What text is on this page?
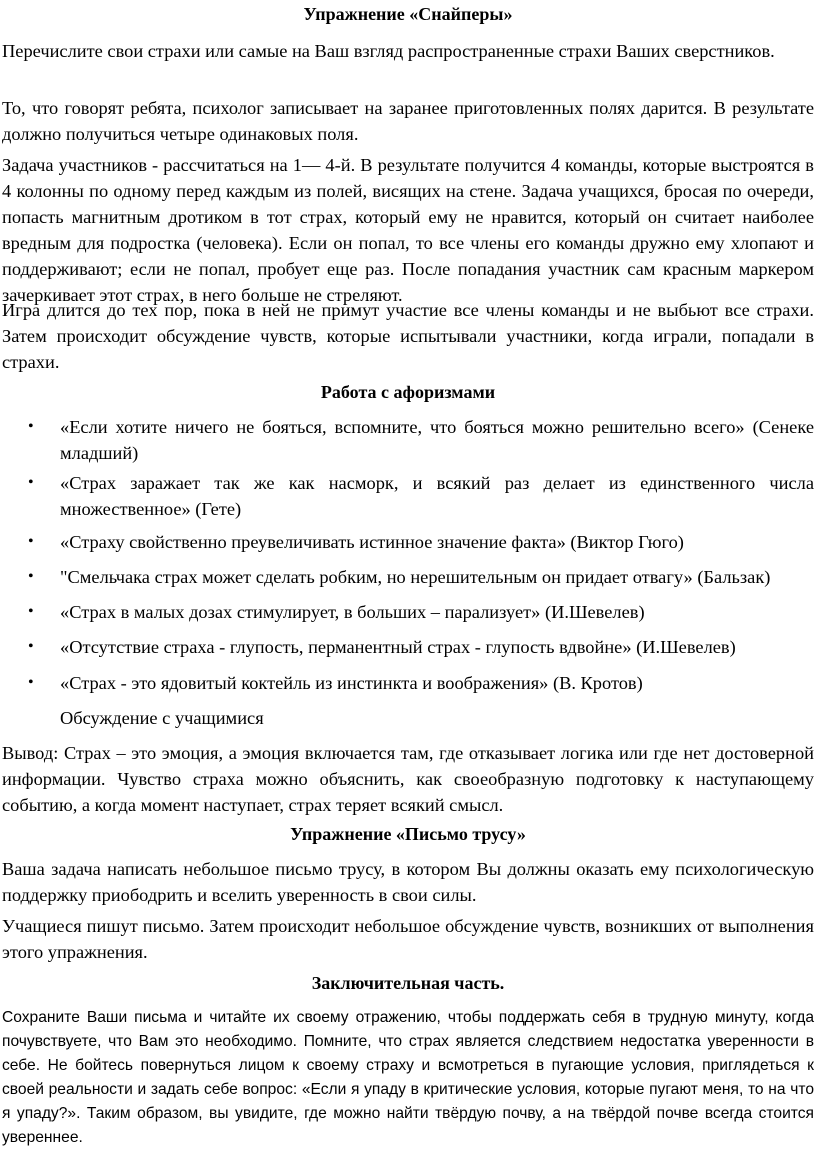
Упражнение «Снайперы»

Перечислите свои страхи или самые на Ваш взгляд распространенные страхи Ваших сверстников.

То, что говорят ребята, психолог записывает на заранее приготовленных полях дарится. В результате должно получиться четыре одинаковых поля.

Задача участников - рассчитаться на 1— 4-й. В результате получится 4 команды, которые выстроятся в 4 колонны по одному перед каждым из полей, висящих на стене. Задача учащихся, бросая по очереди, попасть магнитным дротиком в тот страх, который ему не нравится, который он считает наиболее вредным для подростка (человека). Если он попал, то все члены его команды дружно ему хлопают и поддерживают; если не попал, пробует еще раз. После попадания участник сам красным маркером зачеркивает этот страх, в него больше не стреляют.

Игра длится до тех пор, пока в ней не примут участие все члены команды и не выбьют все страхи. Затем происходит обсуждение чувств, которые испытывали участники, когда играли, попадали в страхи.

Работа с афоризмами

• «Если хотите ничего не бояться, вспомните, что бояться можно решительно всего» (Сенеке младший)
• «Страх заражает так же как насморк, и всякий раз делает из единственного числа множественное» (Гете)
• «Страху свойственно преувеличивать истинное значение факта» (Виктор Гюго)
• "Смельчака страх может сделать робким, но нерешительным он придает отвагу» (Бальзак)
• «Страх в малых дозах стимулирует, в больших – парализует» (И.Шевелев)
• «Отсутствие страха - глупость, перманентный страх - глупость вдвойне» (И.Шевелев)
• «Страх - это ядовитый коктейль из инстинкта и воображения» (В. Кротов)

Обсуждение с учащимися

Вывод: Страх – это эмоция, а эмоция включается там, где отказывает логика или где нет достоверной информации. Чувство страха можно объяснить, как своеобразную подготовку к наступающему событию, а когда момент наступает, страх теряет всякий смысл.

Упражнение «Письмо трусу»

Ваша задача написать небольшое письмо трусу, в котором Вы должны оказать ему психологическую поддержку приободрить и вселить уверенность в свои силы.

Учащиеся пишут письмо. Затем происходит небольшое обсуждение чувств, возникших от выполнения этого упражнения.

Заключительная часть.

Сохраните Ваши письма и читайте их своему отражению, чтобы поддержать себя в трудную минуту, когда почувствуете, что Вам это необходимо. Помните, что страх является следствием недостатка уверенности в себе. Не бойтесь повернуться лицом к своему страху и всмотреться в пугающие условия, приглядеться к своей реальности и задать себе вопрос: «Если я упаду в критические условия, которые пугают меня, то на что я упаду?». Таким образом, вы увидите, где можно найти твёрдую почву, а на твёрдой почве всегда стоится увереннее.
